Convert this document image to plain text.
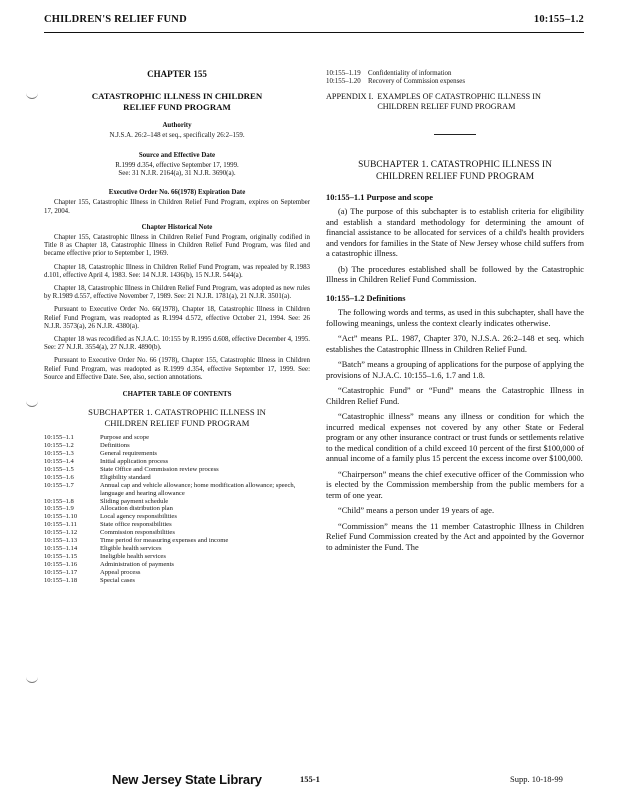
CHILDREN'S RELIEF FUND	10:155–1.2
CHAPTER 155
CATASTROPHIC ILLNESS IN CHILDREN
RELIEF FUND PROGRAM
Authority
N.J.S.A. 26:2–148 et seq., specifically 26:2–159.
Source and Effective Date
R.1999 d.354, effective September 17, 1999.
See: 31 N.J.R. 2164(a), 31 N.J.R. 3690(a).
Executive Order No. 66(1978) Expiration Date
Chapter 155, Catastrophic Illness in Children Relief Fund Program, expires on September 17, 2004.
Chapter Historical Note
Chapter 155, Catastrophic Illness in Children Relief Fund Program, originally codified in Title 8 as Chapter 18, Catastrophic Illness in Children Relief Fund Program, was filed and became effective prior to September 1, 1969.
Chapter 18, Catastrophic Illness in Children Relief Fund Program, was repealed by R.1983 d.101, effective April 4, 1983. See: 14 N.J.R. 1436(b), 15 N.J.R. 544(a).
Chapter 18, Catastrophic Illness in Children Relief Fund Program, was adopted as new rules by R.1989 d.557, effective November 7, 1989. See: 21 N.J.R. 1781(a), 21 N.J.R. 3501(a).
Pursuant to Executive Order No. 66(1978), Chapter 18, Catastrophic Illness in Children Relief Fund Program, was readopted as R.1994 d.572, effective October 21, 1994. See: 26 N.J.R. 3573(a), 26 N.J.R. 4380(a).
Chapter 18 was recodified as N.J.A.C. 10:155 by R.1995 d.608, effective December 4, 1995. See: 27 N.J.R. 3554(a), 27 N.J.R. 4890(b).
Pursuant to Executive Order No. 66 (1978), Chapter 155, Catastrophic Illness in Children Relief Fund Program, was readopted as R.1999 d.354, effective September 17, 1999. See: Source and Effective Date. See, also, section annotations.
CHAPTER TABLE OF CONTENTS
SUBCHAPTER 1. CATASTROPHIC ILLNESS IN
CHILDREN RELIEF FUND PROGRAM
10:155–1.1	Purpose and scope
10:155–1.2	Definitions
10:155–1.3	General requirements
10:155–1.4	Initial application process
10:155–1.5	State Office and Commission review process
10:155–1.6	Eligibility standard
10:155–1.7	Annual cap and vehicle allowance; home modification allowance; speech, language and hearing allowance
10:155–1.8	Sliding payment schedule
10:155–1.9	Allocation distribution plan
10:155–1.10	Local agency responsibilities
10:155–1.11	State office responsibilities
10:155–1.12	Commission responsibilities
10:155–1.13	Time period for measuring expenses and income
10:155–1.14	Eligible health services
10:155–1.15	Ineligible health services
10:155–1.16	Administration of payments
10:155–1.17	Appeal process
10:155–1.18	Special cases
10:155–1.19	Confidentiality of information
10:155–1.20	Recovery of Commission expenses
APPENDIX I. EXAMPLES OF CATASTROPHIC ILLNESS IN CHILDREN RELIEF FUND PROGRAM
SUBCHAPTER 1. CATASTROPHIC ILLNESS IN
CHILDREN RELIEF FUND PROGRAM
10:155–1.1 Purpose and scope
(a) The purpose of this subchapter is to establish criteria for eligibility and establish a standard methodology for determining the amount of financial assistance to be allocated for services of a child's health providers and vendors for families in the State of New Jersey whose child suffers from a catastrophic illness.
(b) The procedures established shall be followed by the Catastrophic Illness in Children Relief Fund Commission.
10:155–1.2 Definitions
The following words and terms, as used in this subchapter, shall have the following meanings, unless the context clearly indicates otherwise.
“Act” means P.L. 1987, Chapter 370, N.J.S.A. 26:2–148 et seq. which establishes the Catastrophic Illness in Children Relief Fund.
“Batch” means a grouping of applications for the purpose of applying the provisions of N.J.A.C. 10:155–1.6, 1.7 and 1.8.
“Catastrophic Fund” or “Fund” means the Catastrophic Illness in Children Relief Fund.
“Catastrophic illness” means any illness or condition for which the incurred medical expenses not covered by any other State or Federal program or any other insurance contract or trust funds or settlements relative to the medical condition of a child exceed 10 percent of the first $100,000 of annual income of a family plus 15 percent the excess income over $100,000.
“Chairperson” means the chief executive officer of the Commission who is elected by the Commission membership from the public members for a term of one year.
“Child” means a person under 19 years of age.
“Commission” means the 11 member Catastrophic Illness in Children Relief Fund Commission created by the Act and appointed by the Governor to administer the Fund. The
New Jersey State Library	155-1	Supp. 10-18-99
